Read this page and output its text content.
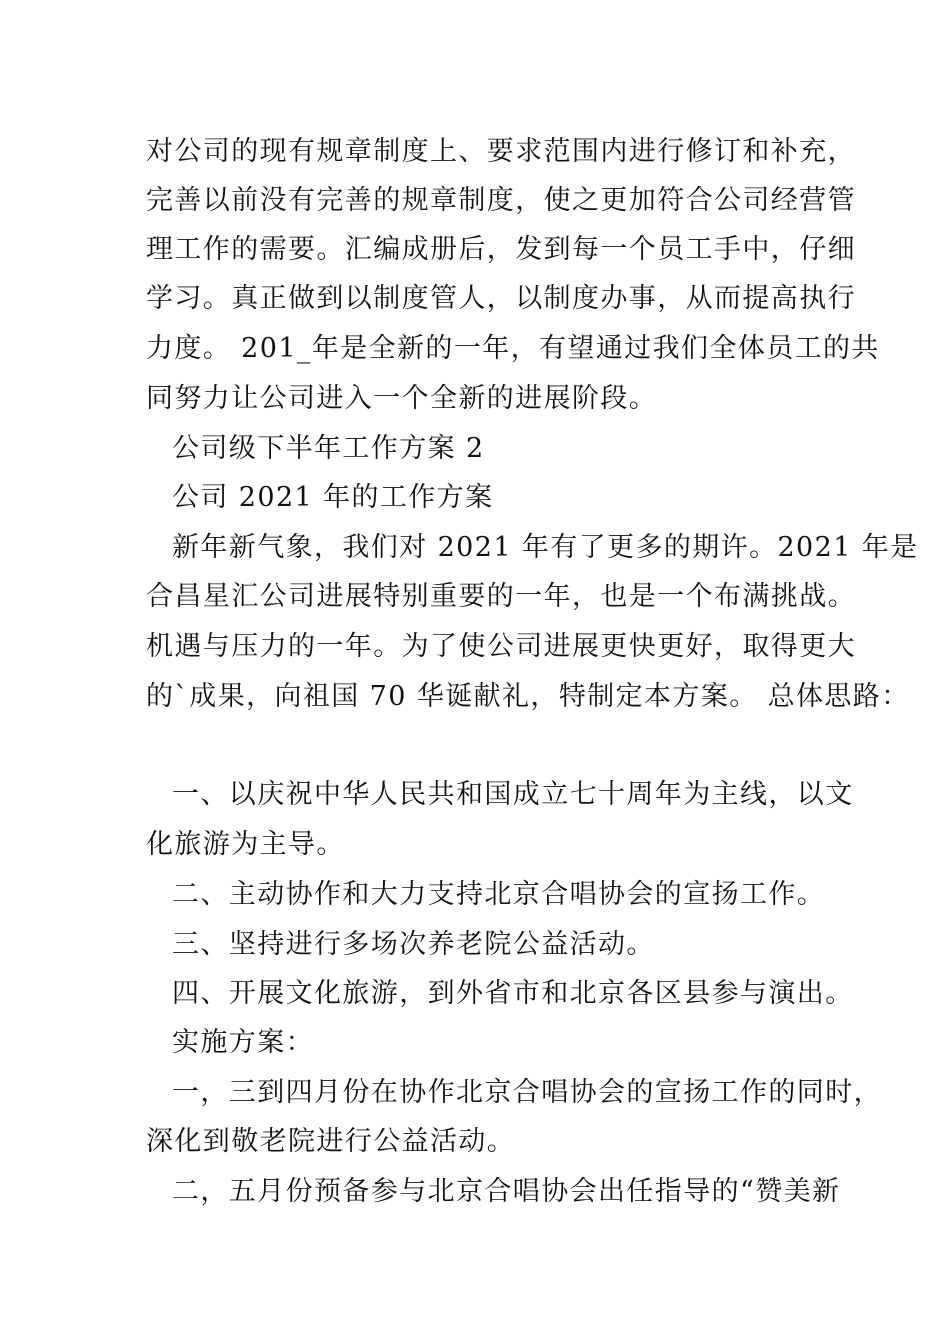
对公司的现有规章制度上、要求范围内进行修订和补充，
完善以前没有完善的规章制度，使之更加符合公司经营管
理工作的需要。汇编成册后，发到每一个员工手中，仔细
学习。真正做到以制度管人，以制度办事，从而提高执行
力度。 201_年是全新的一年，有望通过我们全体员工的共
同努力让公司进入一个全新的进展阶段。
公司级下半年工作方案 2
公司 2021 年的工作方案
新年新气象，我们对 2021 年有了更多的期许。2021 年是
合昌星汇公司进展特别重要的一年，也是一个布满挑战。
机遇与压力的一年。为了使公司进展更快更好，取得更大
的`成果，向祖国 70 华诞献礼，特制定本方案。 总体思路：
一、以庆祝中华人民共和国成立七十周年为主线，以文
化旅游为主导。
二、主动协作和大力支持北京合唱协会的宣扬工作。
三、坚持进行多场次养老院公益活动。
四、开展文化旅游，到外省市和北京各区县参与演出。
实施方案：
一，三到四月份在协作北京合唱协会的宣扬工作的同时，
深化到敬老院进行公益活动。
二，五月份预备参与北京合唱协会出任指导的“赞美新
